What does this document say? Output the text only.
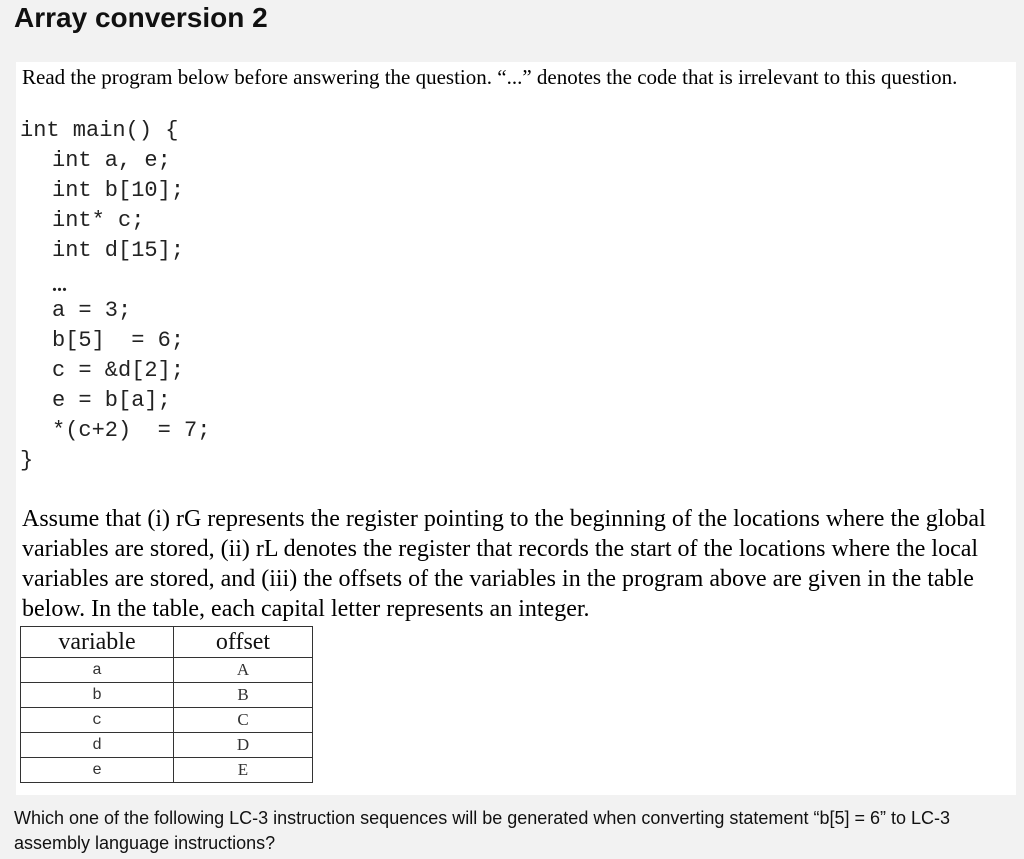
Array conversion 2
Read the program below before answering the question. “...” denotes the code that is irrelevant to this question.
int main() {
int a, e;
int b[10];
int* c;
int d[15];
a = 3;
b[5]  = 6;
c = &d[2];
e = b[a];
*(c+2)  = 7;
}
...
Assume that (i) rG represents the register pointing to the beginning of the locations where the global variables are stored, (ii) rL denotes the register that records the start of the locations where the local variables are stored, and (iii) the offsets of the variables in the program above are given in the table below. In the table, each capital letter represents an integer.
variable	offset
a	A
b	B
c	C
d	D
e	E
Which one of the following LC-3 instruction sequences will be generated when converting statement “b[5] = 6” to LC-3 assembly language instructions?
